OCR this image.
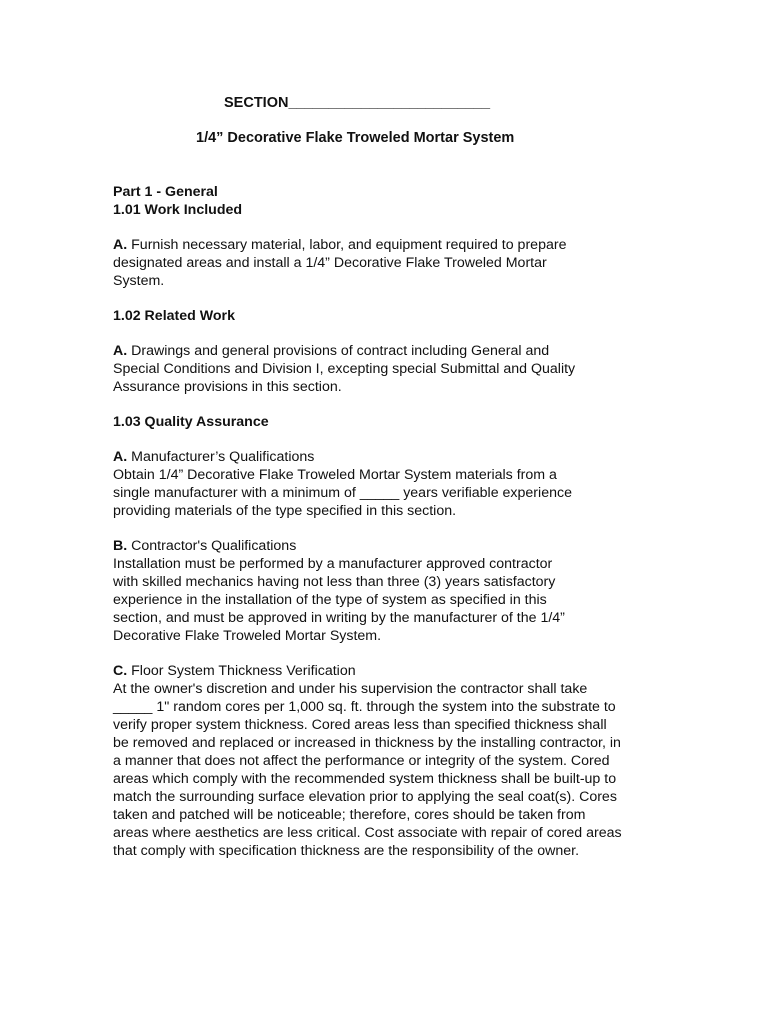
SECTION_________________________
1/4” Decorative Flake Troweled Mortar System

Part 1 - General

1.01 Work Included

A. Furnish necessary material, labor, and equipment required to prepare
designated areas and install a 1/4” Decorative Flake Troweled Mortar
System.

1.02 Related Work

A. Drawings and general provisions of contract including General and
Special Conditions and Division I, excepting special Submittal and Quality
Assurance provisions in this section.

1.03 Quality Assurance

A. Manufacturer’s Qualifications
Obtain 1/4” Decorative Flake Troweled Mortar System materials from a
single manufacturer with a minimum of _____ years verifiable experience
providing materials of the type specified in this section.

B. Contractor's Qualifications
Installation must be performed by a manufacturer approved contractor
with skilled mechanics having not less than three (3) years satisfactory
experience in the installation of the type of system as specified in this
section, and must be approved in writing by the manufacturer of the 1/4”
Decorative Flake Troweled Mortar System.

C. Floor System Thickness Verification
At the owner's discretion and under his supervision the contractor shall take
_____ 1" random cores per 1,000 sq. ft. through the system into the substrate to
verify proper system thickness. Cored areas less than specified thickness shall
be removed and replaced or increased in thickness by the installing contractor, in
a manner that does not affect the performance or integrity of the system. Cored
areas which comply with the recommended system thickness shall be built-up to
match the surrounding surface elevation prior to applying the seal coat(s). Cores
taken and patched will be noticeable; therefore, cores should be taken from
areas where aesthetics are less critical. Cost associate with repair of cored areas
that comply with specification thickness are the responsibility of the owner.
